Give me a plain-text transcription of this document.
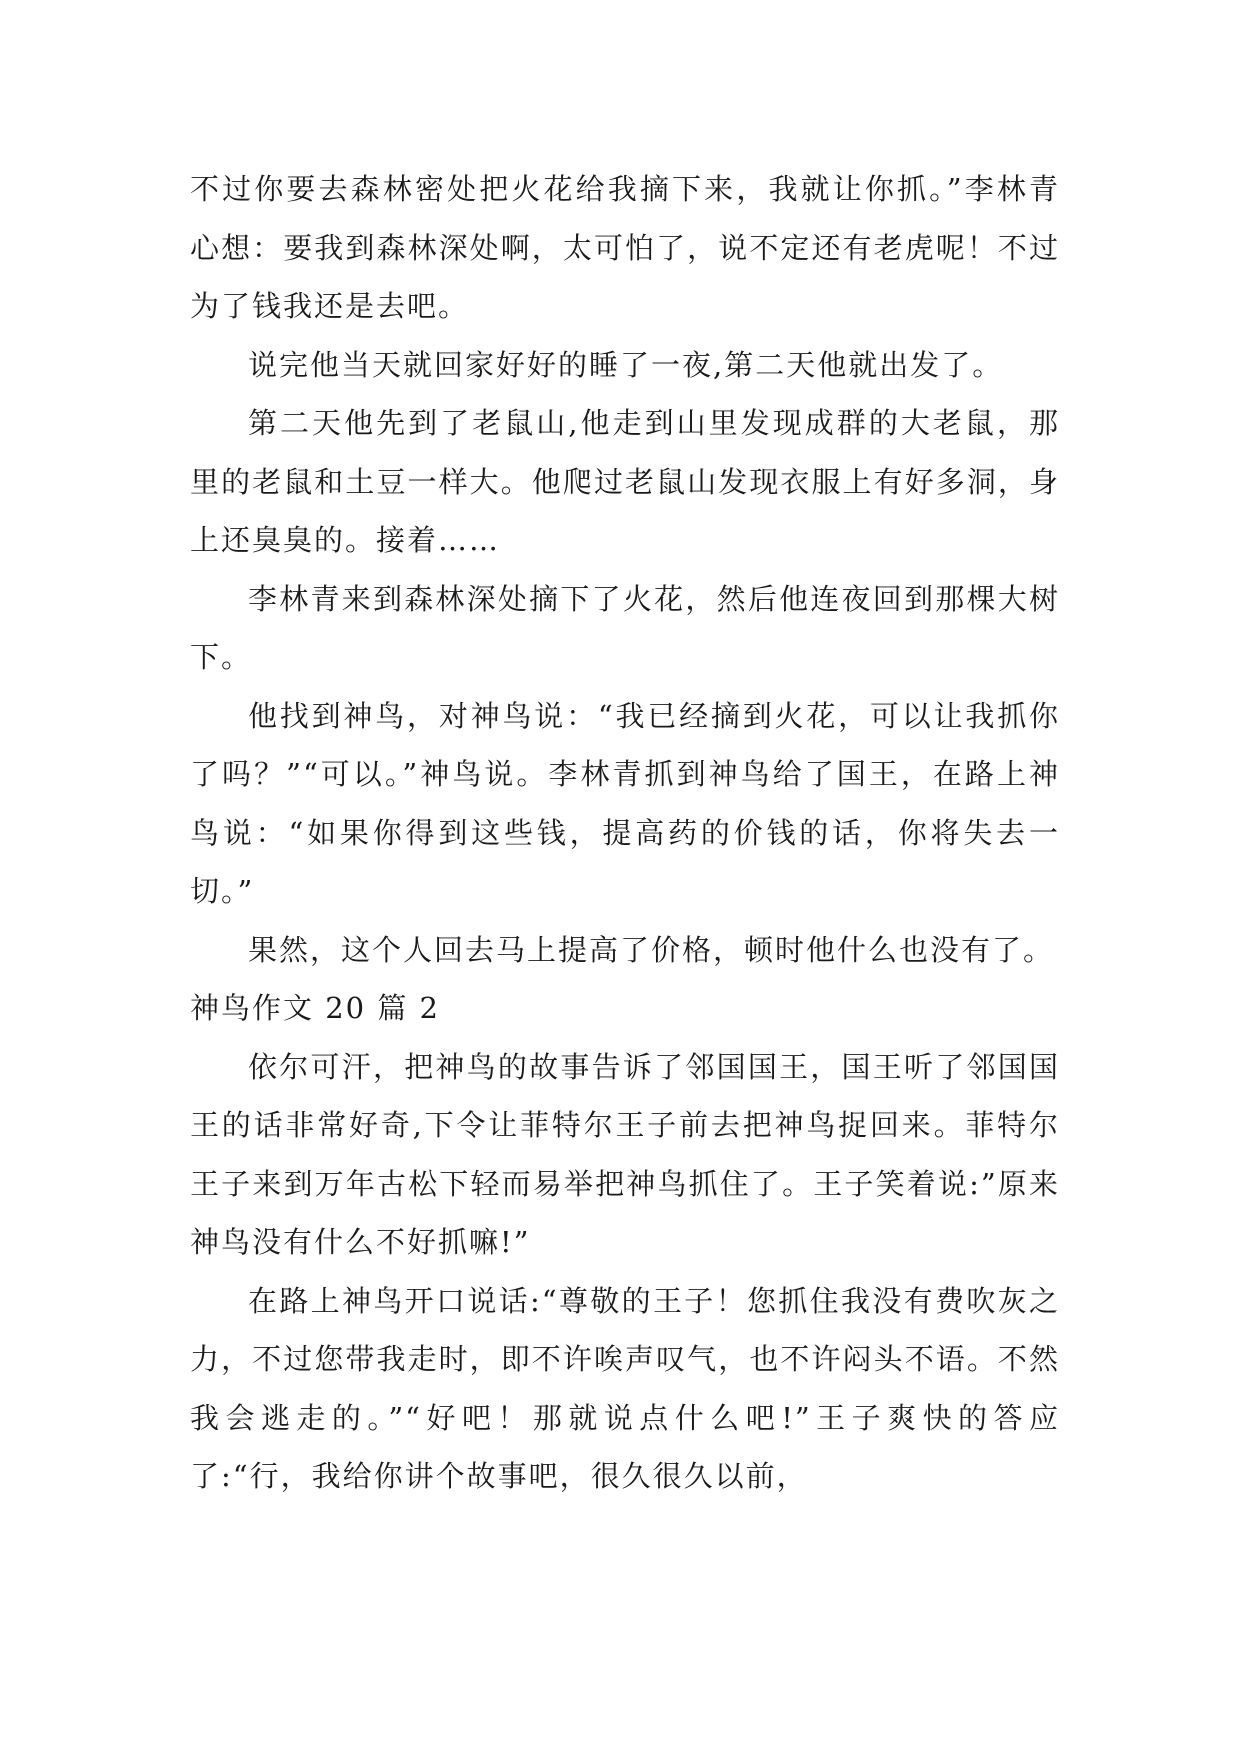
不过你要去森林密处把火花给我摘下来，我就让你抓。”李林青心想：要我到森林深处啊，太可怕了，说不定还有老虎呢！不过为了钱我还是去吧。

说完他当天就回家好好的睡了一夜,第二天他就出发了。

第二天他先到了老鼠山,他走到山里发现成群的大老鼠，那里的老鼠和土豆一样大。他爬过老鼠山发现衣服上有好多洞，身上还臭臭的。接着……

李林青来到森林深处摘下了火花，然后他连夜回到那棵大树下。

他找到神鸟，对神鸟说：“我已经摘到火花，可以让我抓你了吗？”“可以。”神鸟说。李林青抓到神鸟给了国王，在路上神鸟说：“如果你得到这些钱，提高药的价钱的话，你将失去一切。”

果然，这个人回去马上提高了价格，顿时他什么也没有了。

神鸟作文 20 篇 2

依尔可汗，把神鸟的故事告诉了邻国国王，国王听了邻国国王的话非常好奇,下令让菲特尔王子前去把神鸟捉回来。菲特尔王子来到万年古松下轻而易举把神鸟抓住了。王子笑着说:”原来神鸟没有什么不好抓嘛!”

在路上神鸟开口说话:“尊敬的王子！您抓住我没有费吹灰之力，不过您带我走时，即不许唉声叹气，也不许闷头不语。不然我会逃走的。”“好吧！那就说点什么吧!”王子爽快的答应了:“行，我给你讲个故事吧，很久很久以前，
